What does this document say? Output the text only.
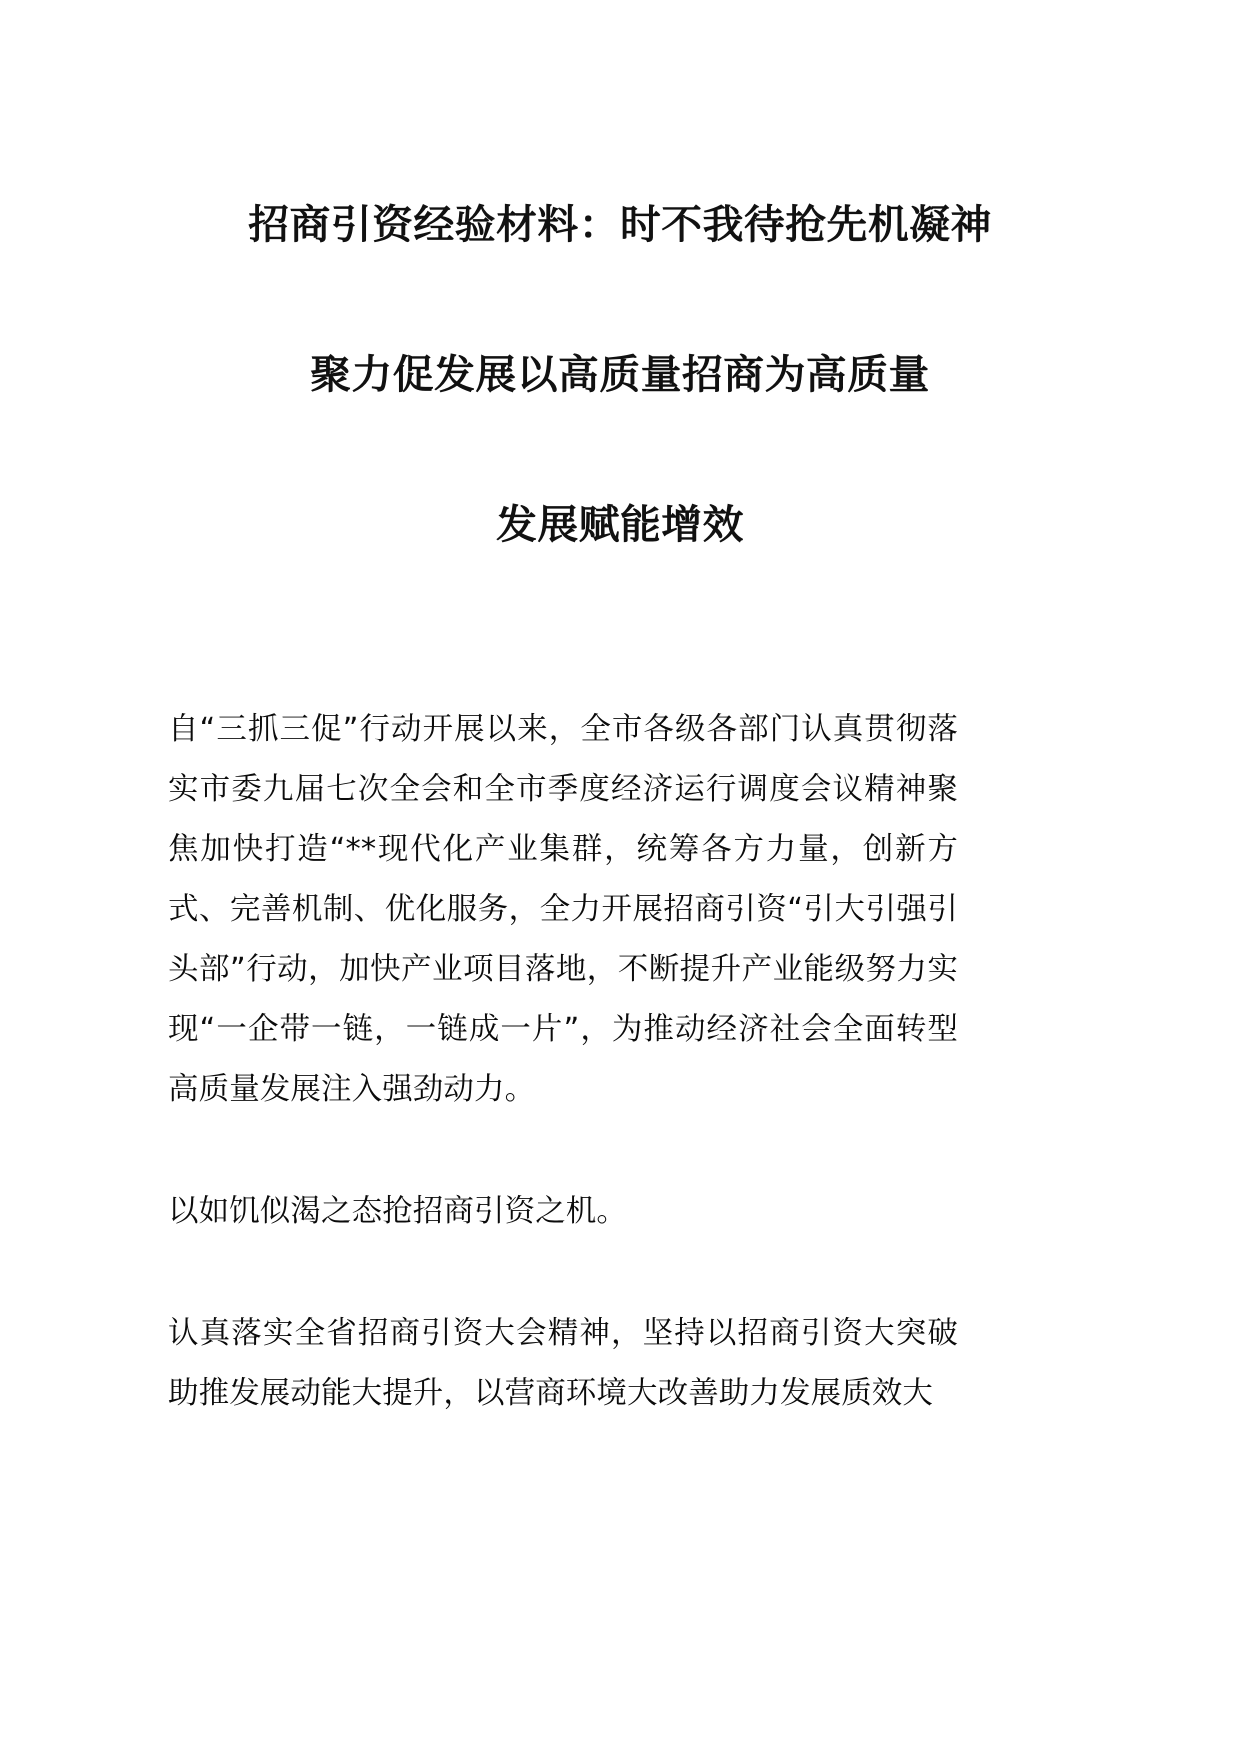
招商引资经验材料：时不我待抢先机凝神
聚力促发展以高质量招商为高质量
发展赋能增效

自“三抓三促”行动开展以来，全市各级各部门认真贯彻落实市委九届七次全会和全市季度经济运行调度会议精神聚焦加快打造“**现代化产业集群，统筹各方力量，创新方式、完善机制、优化服务，全力开展招商引资“引大引强引头部”行动，加快产业项目落地，不断提升产业能级努力实现“一企带一链，一链成一片”，为推动经济社会全面转型高质量发展注入强劲动力。

以如饥似渴之态抢招商引资之机。

认真落实全省招商引资大会精神，坚持以招商引资大突破助推发展动能大提升，以营商环境大改善助力发展质效大
